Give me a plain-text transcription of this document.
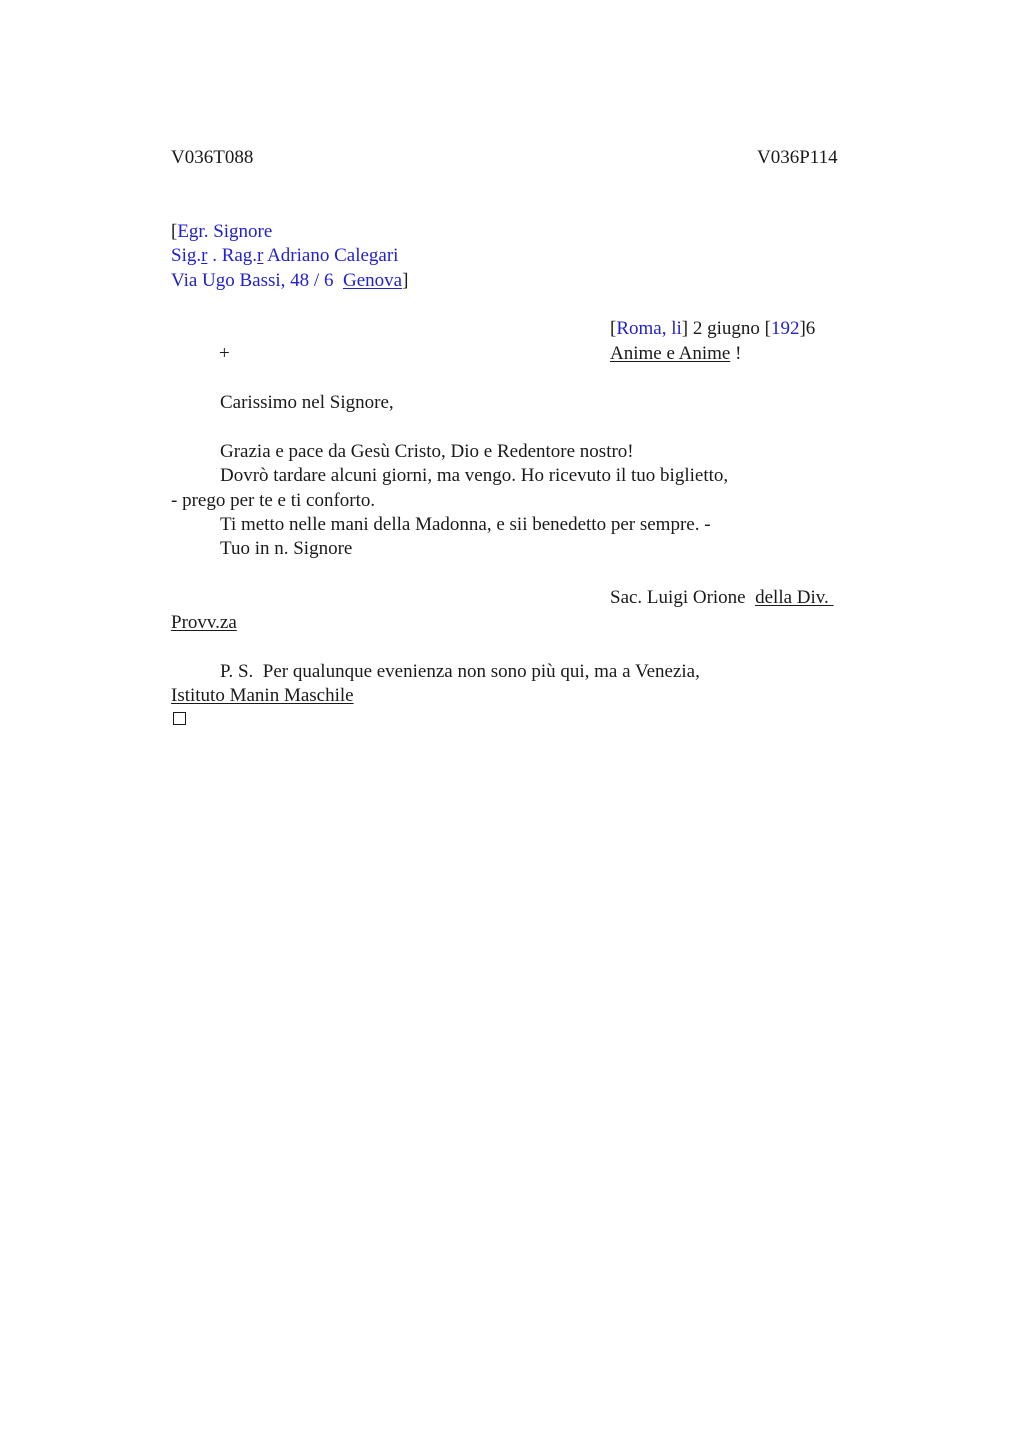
V036T088	V036P114
[Egr. Signore
Sig.r . Rag.r Adriano Calegari
Via Ugo Bassi, 48 / 6  Genova]
[Roma, li] 2 giugno [192]6
+	Anime e Anime !
Carissimo nel Signore,
Grazia e pace da Gesù Cristo, Dio e Redentore nostro!
Dovrò tardare alcuni giorni, ma vengo. Ho ricevuto il tuo biglietto,
- prego per te e ti conforto.
Ti metto nelle mani della Madonna, e sii benedetto per sempre. -
Tuo in n. Signore
Sac. Luigi Orione  della Div.
Provv.za
P. S.  Per qualunque evenienza non sono più qui, ma a Venezia,
Istituto Manin Maschile
